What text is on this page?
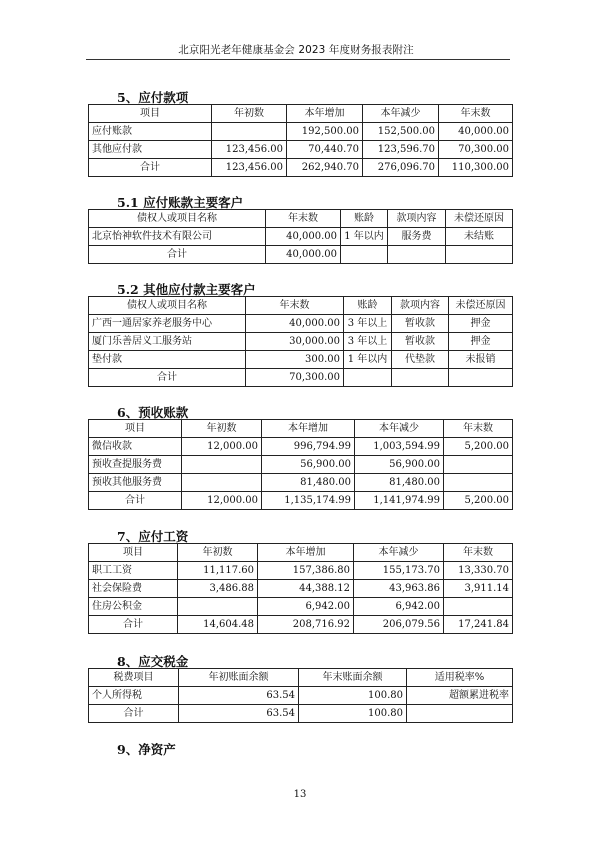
北京阳光老年健康基金会 2023 年度财务报表附注
5、应付款项
项目	年初数	本年增加	本年减少	年末数
应付账款		192,500.00	152,500.00	40,000.00
其他应付款	123,456.00	70,440.70	123,596.70	70,300.00
合计	123,456.00	262,940.70	276,096.70	110,300.00
5.1 应付账款主要客户
债权人或项目名称	年末数	账龄	款项内容	未偿还原因
北京怡神软件技术有限公司	40,000.00	1 年以内	服务费	未结账
合计	40,000.00			
5.2 其他应付款主要客户
债权人或项目名称	年末数	账龄	款项内容	未偿还原因
广西一通居家养老服务中心	40,000.00	3 年以上	暂收款	押金
厦门乐善居义工服务站	30,000.00	3 年以上	暂收款	押金
垫付款	300.00	1 年以内	代垫款	未报销
合计	70,300.00			
6、预收账款
项目	年初数	本年增加	本年减少	年末数
微信收款	12,000.00	996,794.99	1,003,594.99	5,200.00
预收查提服务费		56,900.00	56,900.00	
预收其他服务费		81,480.00	81,480.00	
合计	12,000.00	1,135,174.99	1,141,974.99	5,200.00
7、应付工资
项目	年初数	本年增加	本年减少	年末数
职工工资	11,117.60	157,386.80	155,173.70	13,330.70
社会保险费	3,486.88	44,388.12	43,963.86	3,911.14
住房公积金		6,942.00	6,942.00	
合计	14,604.48	208,716.92	206,079.56	17,241.84
8、应交税金
税费项目	年初账面余额	年末账面余额	适用税率%
个人所得税	63.54	100.80	超额累进税率
合计	63.54	100.80	
9、净资产
13
